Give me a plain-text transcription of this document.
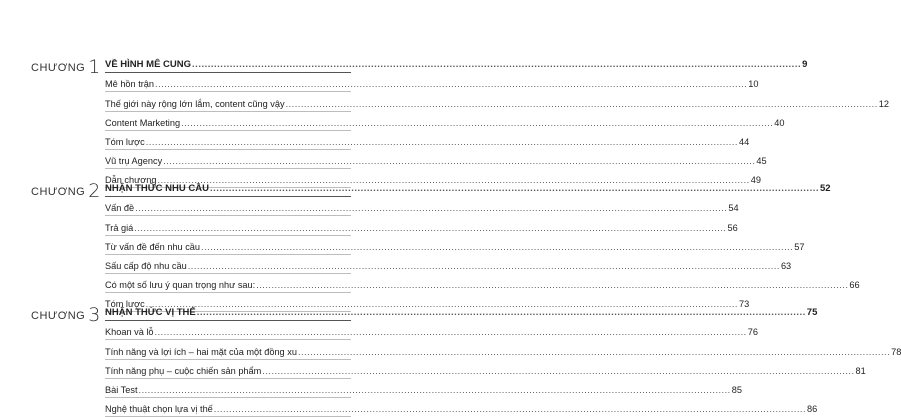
CHƯƠNG 1 VỀ HÌNH MÊ CUNG .....	9
Mê hồn trận .....	10
Thế giới này rộng lớn lắm, content cũng vậy .....	12
Content Marketing .....	40
Tóm lược .....	44
Vũ trụ Agency .....	45
Dẫn chương .....	49
CHƯƠNG 2 NHẬN THỨC NHU CẦU .....	52
Vấn đề .....	54
Trả giá .....	56
Từ vấn đề đến nhu cầu .....	57
Sấu cấp độ nhu cầu .....	63
Có một số lưu ý quan trọng như sau: .....	66
Tóm lược .....	73
CHƯƠNG 3 NHẬN THỨC VỊ THẾ .....	75
Khoan và lỗ .....	76
Tính năng và lợi ích – hai mặt của một đồng xu .....	78
Tính năng phụ – cuộc chiến sản phẩm .....	81
Bài Test .....	85
Nghệ thuật chọn lựa vị thế .....	86
